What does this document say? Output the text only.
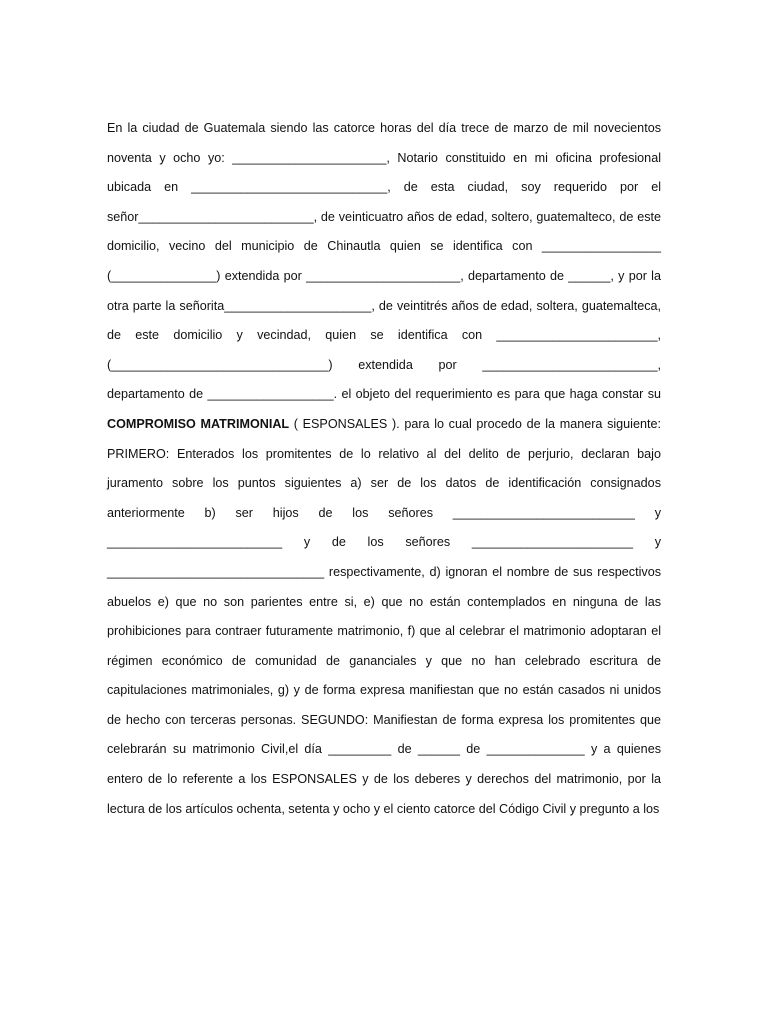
En la ciudad de Guatemala siendo las catorce horas del día trece de marzo de mil novecientos noventa y ocho yo: ______________________, Notario constituido en mi oficina profesional ubicada en ____________________________, de esta ciudad, soy requerido por el señor_________________________, de veinticuatro años de edad, soltero, guatemalteco, de este domicilio, vecino del municipio de Chinautla quien se identifica con _________________ (_______________) extendida por ______________________, departamento de ______, y por la otra parte la señorita_____________________, de veintitrés años de edad, soltera, guatemalteca, de este domicilio y vecindad, quien se identifica con _______________________, (_______________________________) extendida por _________________________, departamento de __________________. el objeto del requerimiento es para que haga constar su COMPROMISO MATRIMONIAL ( ESPONSALES ). para lo cual procedo de la manera siguiente: PRIMERO: Enterados los promitentes de lo relativo al del delito de perjurio, declaran bajo juramento sobre los puntos siguientes a) ser de los datos de identificación consignados anteriormente b) ser hijos de los señores __________________________ y _________________________ y de los señores _______________________ y _______________________________ respectivamente, d) ignoran el nombre de sus respectivos abuelos e) que no son parientes entre si, e) que no están contemplados en ninguna de las prohibiciones para contraer futuramente matrimonio, f) que al celebrar el matrimonio adoptaran el régimen económico de comunidad de gananciales y que no han celebrado escritura de capitulaciones matrimoniales, g) y de forma expresa manifiestan que no están casados ni unidos de hecho con terceras personas. SEGUNDO: Manifiestan de forma expresa los promitentes que celebrarán su matrimonio Civil,el día _________ de ______ de ______________ y a quienes entero de lo referente a los ESPONSALES y de los deberes y derechos del matrimonio, por la lectura de los artículos ochenta, setenta y ocho y el ciento catorce del Código Civil y pregunto a los
